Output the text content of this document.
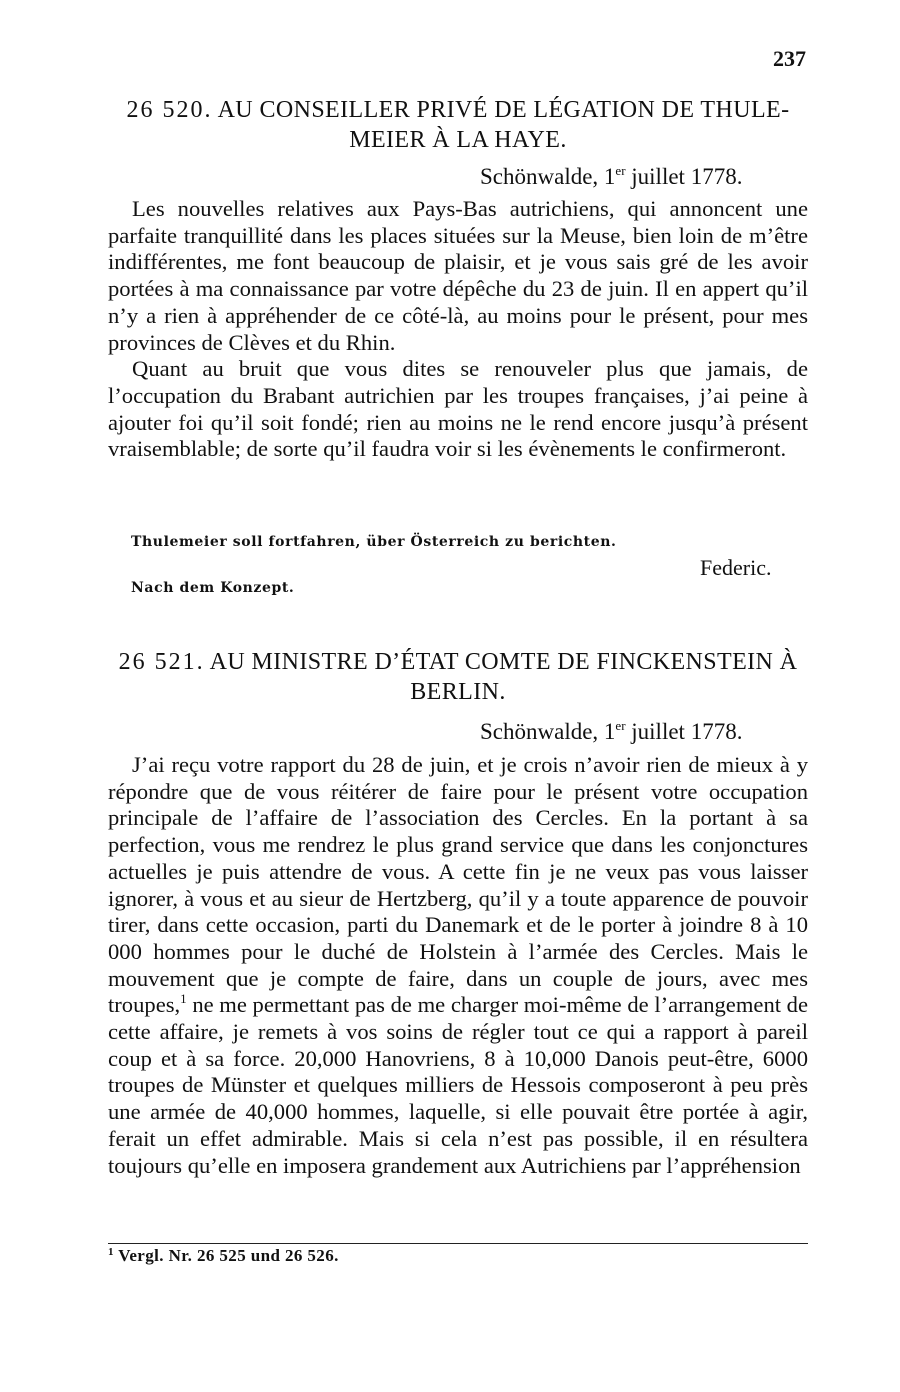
237
26 520. AU CONSEILLER PRIVÉ DE LÉGATION DE THULE-
MEIER À LA HAYE.
Schönwalde, 1er juillet 1778.

Les nouvelles relatives aux Pays-Bas autrichiens, qui annoncent une parfaite tranquillité dans les places situées sur la Meuse, bien loin de m’être indifférentes, me font beaucoup de plaisir, et je vous sais gré de les avoir portées à ma connaissance par votre dépêche du 23 de juin. Il en appert qu’il n’y a rien à appréhender de ce côté-là, au moins pour le présent, pour mes provinces de Clèves et du Rhin.

Quant au bruit que vous dites se renouveler plus que jamais, de l’occupation du Brabant autrichien par les troupes françaises, j’ai peine à ajouter foi qu’il soit fondé; rien au moins ne le rend encore jusqu’à présent vraisemblable; de sorte qu’il faudra voir si les évènements le confirmeront.

Thulemeier soll fortfahren, über Österreich zu berichten.
Federic.
Nach dem Konzept.
26 521. AU MINISTRE D’ÉTAT COMTE DE FINCKENSTEIN À
BERLIN.
Schönwalde, 1er juillet 1778.

J’ai reçu votre rapport du 28 de juin, et je crois n’avoir rien de mieux à y répondre que de vous réitérer de faire pour le présent votre occupation principale de l’affaire de l’association des Cercles. En la portant à sa perfection, vous me rendrez le plus grand service que dans les conjonctures actuelles je puis attendre de vous. A cette fin je ne veux pas vous laisser ignorer, à vous et au sieur de Hertzberg, qu’il y a toute apparence de pouvoir tirer, dans cette occasion, parti du Danemark et de le porter à joindre 8 à 10 000 hommes pour le duché de Holstein à l’armée des Cercles. Mais le mouvement que je compte de faire, dans un couple de jours, avec mes troupes,$^1$ ne me permettant pas de me charger moi-même de l’arrangement de cette affaire, je remets à vos soins de régler tout ce qui a rapport à pareil coup et à sa force. 20,000 Hanovriens, 8 à 10,000 Danois peut-être, 6000 troupes de Münster et quelques milliers de Hessois composeront à peu près une armée de 40,000 hommes, laquelle, si elle pouvait être portée à agir, ferait un effet admirable. Mais si cela n’est pas possible, il en résultera toujours qu’elle en imposera grandement aux Autrichiens par l’appréhension

$^1$ Vergl. Nr. 26 525 und 26 526.
